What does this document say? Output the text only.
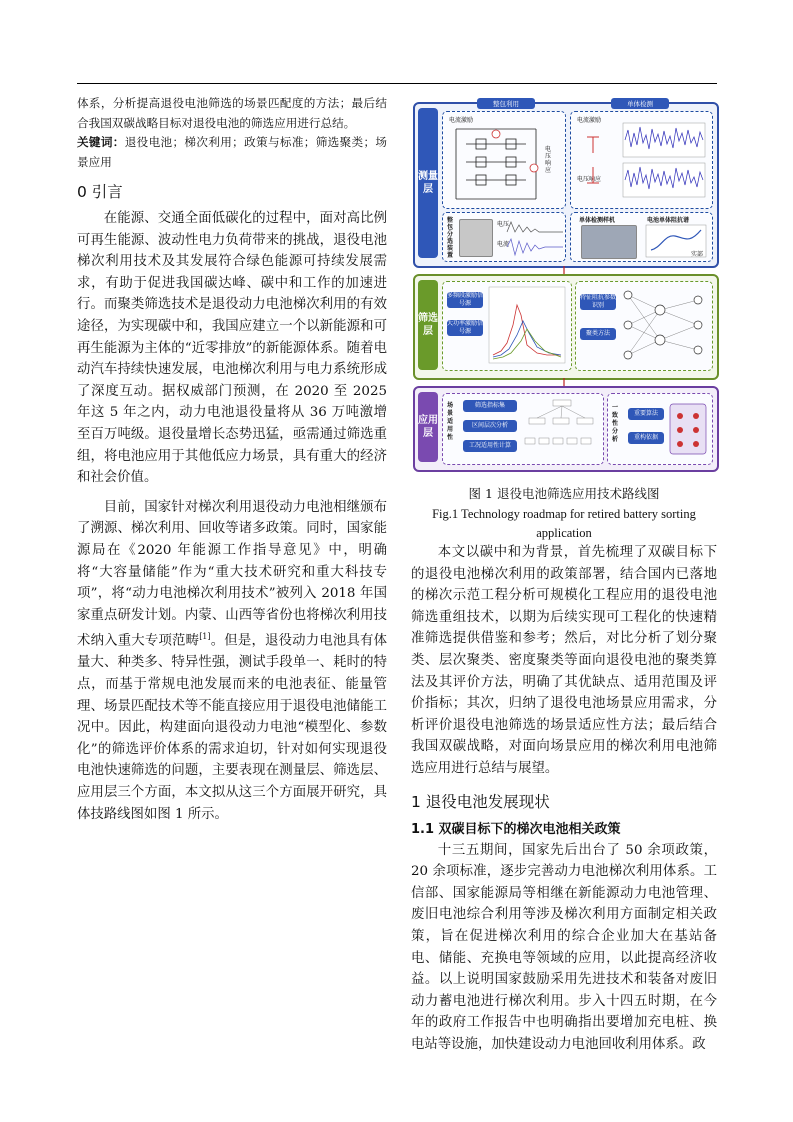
体系，分析提高退役电池筛选的场景匹配度的方法；最后结合我国双碳战略目标对退役电池的筛选应用进行总结。

关键词：退役电池；梯次利用；政策与标准；筛选聚类；场景应用

0 引言

在能源、交通全面低碳化的过程中，面对高比例可再生能源、波动性电力负荷带来的挑战，退役电池梯次利用技术及其发展符合绿色能源可持续发展需求，有助于促进我国碳达峰、碳中和工作的加速进行。而聚类筛选技术是退役动力电池梯次利用的有效途径，为实现碳中和，我国应建立一个以新能源和可再生能源为主体的“近零排放”的新能源体系。随着电动汽车持续快速发展，电池梯次利用与电力系统形成了深度互动。据权威部门预测，在 2020 至 2025 年这 5 年之内，动力电池退役量将从 36 万吨激增至百万吨级。退役量增长态势迅猛，亟需通过筛选重组，将电池应用于其他低应力场景，具有重大的经济和社会价值。

目前，国家针对梯次利用退役动力电池相继颁布了溯源、梯次利用、回收等诸多政策。同时，国家能源局在《2020 年能源工作指导意见》中，明确将“大容量储能”作为“重大技术研究和重大科技专项”，将“动力电池梯次利用技术”被列入 2018 年国家重点研发计划。内蒙、山西等省份也将梯次利用技术纳入重大专项范畴[1]。但是，退役动力电池具有体量大、种类多、特异性强，测试手段单一、耗时的特点，而基于常规电池发展而来的电池表征、能量管理、场景匹配技术等不能直接应用于退役电池储能工况中。因此，构建面向退役动力电池“模型化、参数化”的筛选评价体系的需求迫切，针对如何实现退役电池快速筛选的问题，主要表现在测量层、筛选层、应用层三个方面，本文拟从这三个方面展开研究，具体技路线图如图 1 所示。

测量层
整包利用	单体检测
电流激励
电压响应
电流激励
电压响应
整包分选装置
电压
电流
单体检测样机	电池单体阻抗谱
实部
筛选层
多频段激励信号源
大功率激励信号源
特征阻抗参数识别
聚类方法
应用层
场景适用性
筛选指标集
区间层次分析
工况适用性计算
一致性分析
重要算法
重构依据
图 1 退役电池筛选应用技术路线图
Fig.1 Technology roadmap for retired battery sorting application

本文以碳中和为背景，首先梳理了双碳目标下的退役电池梯次利用的政策部署，结合国内已落地的梯次示范工程分析可规模化工程应用的退役电池筛选重组技术，以期为后续实现可工程化的快速精准筛选提供借鉴和参考；然后，对比分析了划分聚类、层次聚类、密度聚类等面向退役电池的聚类算法及其评价方法，明确了其优缺点、适用范围及评价指标；其次，归纳了退役电池场景应用需求，分析评价退役电池筛选的场景适应性方法；最后结合我国双碳战略，对面向场景应用的梯次利用电池筛选应用进行总结与展望。

1 退役电池发展现状
1.1 双碳目标下的梯次电池相关政策

十三五期间，国家先后出台了 50 余项政策，20 余项标准，逐步完善动力电池梯次利用体系。工信部、国家能源局等相继在新能源动力电池管理、废旧电池综合利用等涉及梯次利用方面制定相关政策，旨在促进梯次利用的综合企业加大在基站备电、储能、充换电等领域的应用，以此提高经济收益。以上说明国家鼓励采用先进技术和装备对废旧动力蓄电池进行梯次利用。步入十四五时期，在今年的政府工作报告中也明确指出要增加充电桩、换电站等设施，加快建设动力电池回收利用体系。政
